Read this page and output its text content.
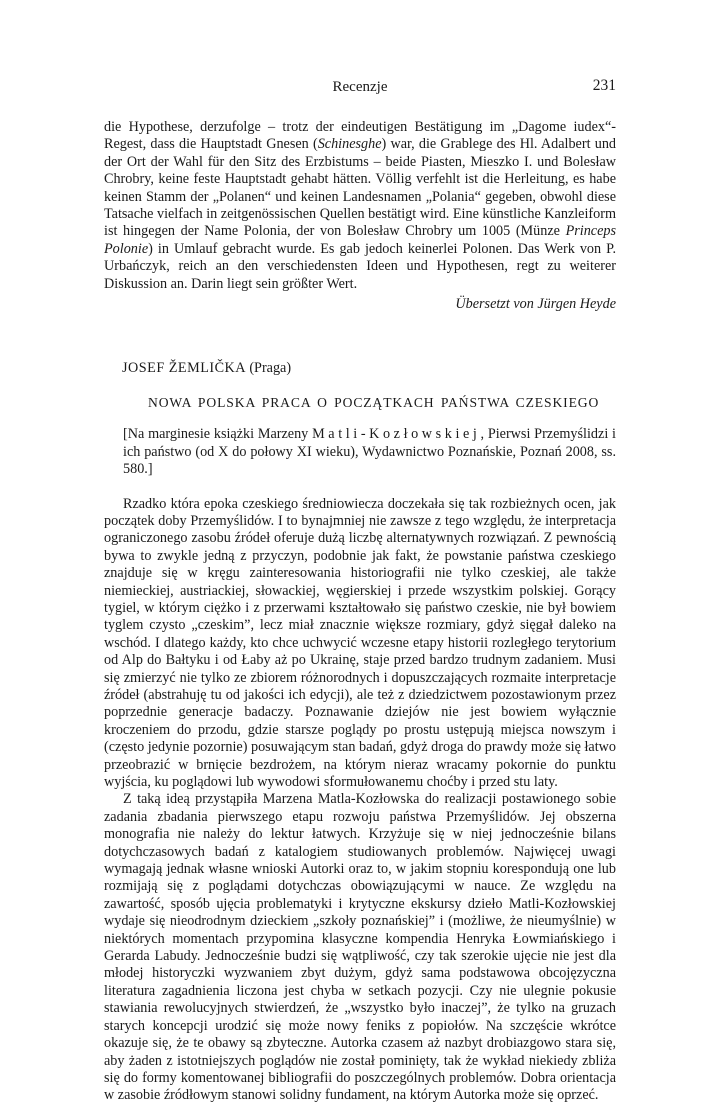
Recenzje	231

die Hypothese, derzufolge – trotz der eindeutigen Bestätigung im „Dagome iudex“-Regest, dass die Hauptstadt Gnesen (Schinesghe) war, die Grablege des Hl. Adalbert und der Ort der Wahl für den Sitz des Erzbistums – beide Piasten, Mieszko I. und Bolesław Chrobry, keine feste Hauptstadt gehabt hätten. Völlig verfehlt ist die Herleitung, es habe keinen Stamm der „Polanen“ und keinen Landesnamen „Polania“ gegeben, obwohl diese Tatsache vielfach in zeitgenössischen Quellen bestätigt wird. Eine künstliche Kanzleiform ist hingegen der Name Polonia, der von Bolesław Chrobry um 1005 (Münze Princeps Polonie) in Umlauf gebracht wurde. Es gab jedoch keinerlei Polonen. Das Werk von P. Urbańczyk, reich an den verschiedensten Ideen und Hypothesen, regt zu weiterer Diskussion an. Darin liegt sein größter Wert.

Übersetzt von Jürgen Heyde

JOSEF ŽEMLIČKA (Praga)

NOWA POLSKA PRACA O POCZĄTKACH PAŃSTWA CZESKIEGO

[Na marginesie książki Marzeny Matli-Kozłowskiej, Pierwsi Przemyślidzi i ich państwo (od X do połowy XI wieku), Wydawnictwo Poznańskie, Poznań 2008, ss. 580.]

Rzadko która epoka czeskiego średniowiecza doczekała się tak rozbieżnych ocen, jak początek doby Przemyślidów. I to bynajmniej nie zawsze z tego względu, że interpretacja ograniczonego zasobu źródeł oferuje dużą liczbę alternatywnych rozwiązań. Z pewnością bywa to zwykle jedną z przyczyn, podobnie jak fakt, że powstanie państwa czeskiego znajduje się w kręgu zainteresowania historiografii nie tylko czeskiej, ale także niemieckiej, austriackiej, słowackiej, węgierskiej i przede wszystkim polskiej. Gorący tygiel, w którym ciężko i z przerwami kształtowało się państwo czeskie, nie był bowiem tyglem czysto „czeskim”, lecz miał znacznie większe rozmiary, gdyż sięgał daleko na wschód. I dlatego każdy, kto chce uchwycić wczesne etapy historii rozległego terytorium od Alp do Bałtyku i od Łaby aż po Ukrainę, staje przed bardzo trudnym zadaniem. Musi się zmierzyć nie tylko ze zbiorem różnorodnych i dopuszczających rozmaite interpretacje źródeł (abstrahuję tu od jakości ich edycji), ale też z dziedzictwem pozostawionym przez poprzednie generacje badaczy. Poznawanie dziejów nie jest bowiem wyłącznie kroczeniem do przodu, gdzie starsze poglądy po prostu ustępują miejsca nowszym i (często jedynie pozornie) posuwającym stan badań, gdyż droga do prawdy może się łatwo przeobrazić w brnięcie bezdrożem, na którym nieraz wracamy pokornie do punktu wyjścia, ku poglądowi lub wywodowi sformułowanemu choćby i przed stu laty.

Z taką ideą przystąpiła Marzena Matla-Kozłowska do realizacji postawionego sobie zadania zbadania pierwszego etapu rozwoju państwa Przemyślidów. Jej obszerna monografia nie należy do lektur łatwych. Krzyżuje się w niej jednocześnie bilans dotychczasowych badań z katalogiem studiowanych problemów. Najwięcej uwagi wymagają jednak własne wnioski Autorki oraz to, w jakim stopniu korespondują one lub rozmijają się z poglądami dotychczas obowiązującymi w nauce. Ze względu na zawartość, sposób ujęcia problematyki i krytyczne ekskursy dzieło Matli-Kozłowskiej wydaje się nieodrodnym dzieckiem „szkoły poznańskiej” i (możliwe, że nieumyślnie) w niektórych momentach przypomina klasyczne kompendia Henryka Łowmiańskiego i Gerarda Labudy. Jednocześnie budzi się wątpliwość, czy tak szerokie ujęcie nie jest dla młodej historyczki wyzwaniem zbyt dużym, gdyż sama podstawowa obcojęzyczna literatura zagadnienia liczona jest chyba w setkach pozycji. Czy nie ulegnie pokusie stawiania rewolucyjnych stwierdzeń, że „wszystko było inaczej”, że tylko na gruzach starych koncepcji urodzić się może nowy feniks z popiołów. Na szczęście wkrótce okazuje się, że te obawy są zbyteczne. Autorka czasem aż nazbyt drobiazgowo stara się, aby żaden z istotniejszych poglądów nie został pominięty, tak że wykład niekiedy zbliża się do formy komentowanej bibliografii do poszczególnych problemów. Dobra orientacja w zasobie źródłowym stanowi solidny fundament, na którym Autorka może się oprzeć.
